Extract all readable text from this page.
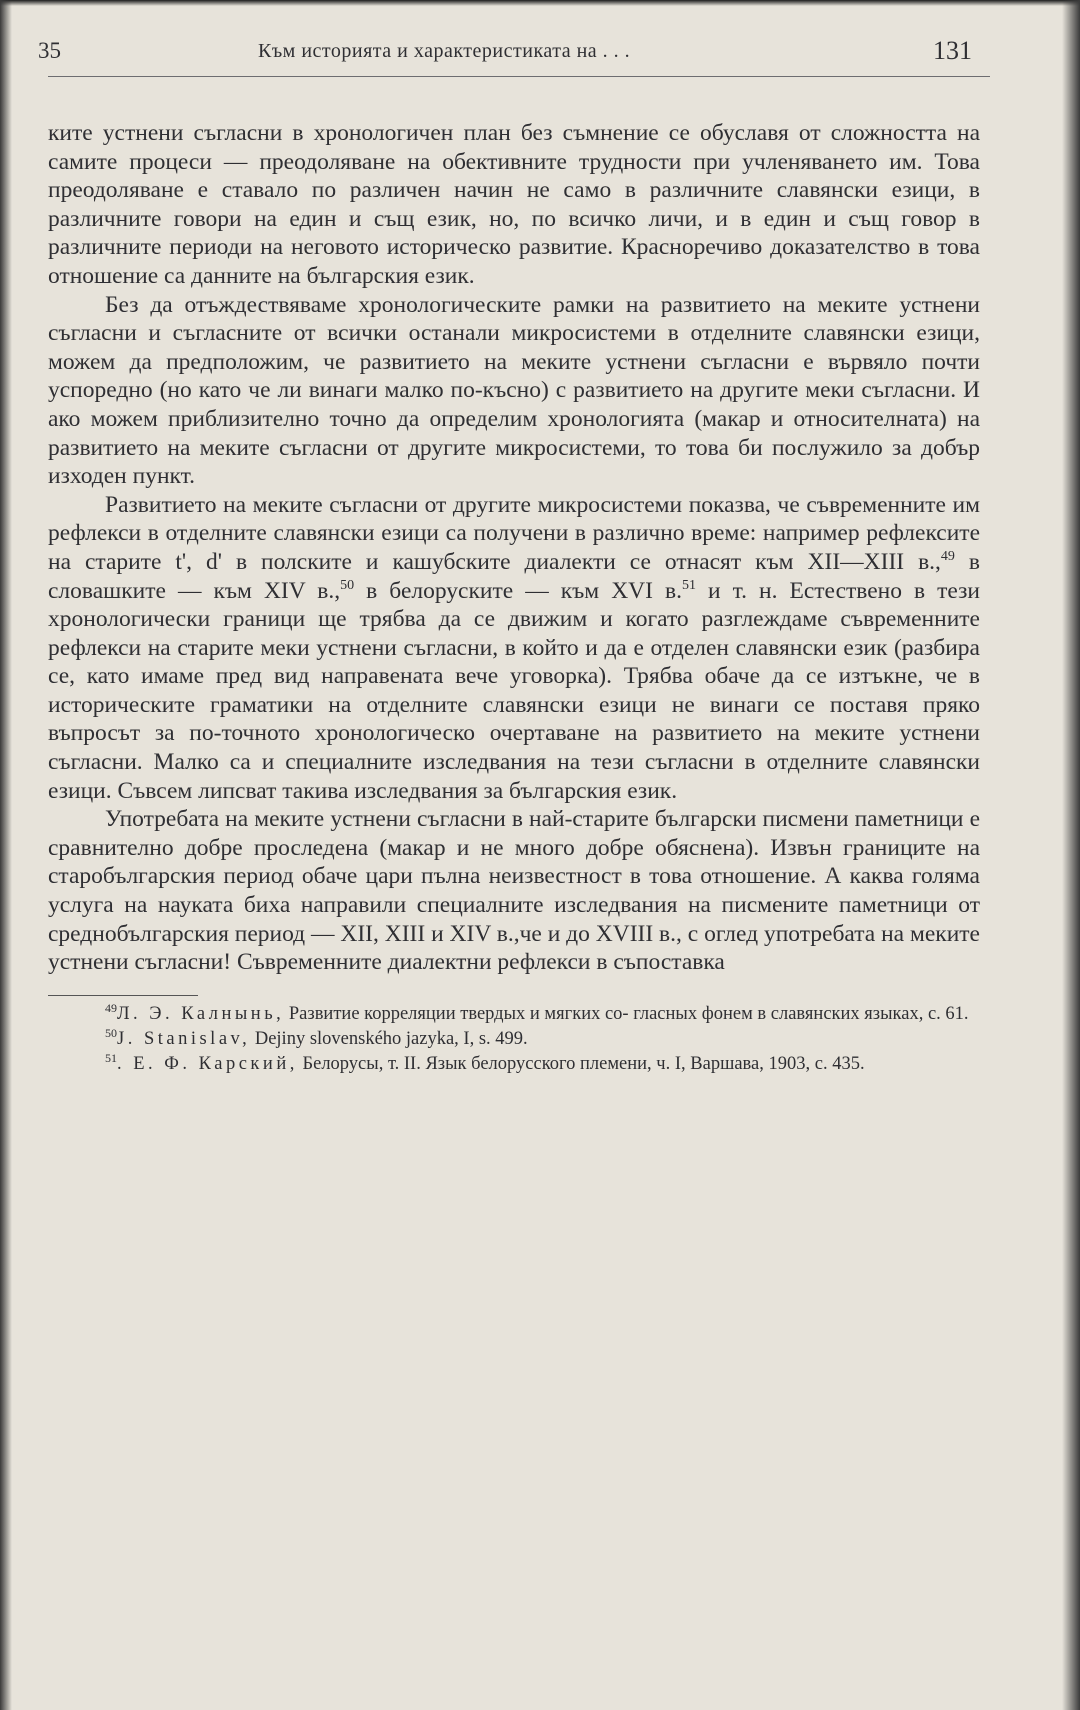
35	Към историята и характеристиката на . . .	131

ките устнени съгласни в хронологичен план без съмнение се обуславя от сложността на самите процеси — преодоляване на обективните трудности при учленяването им. Това преодоляване е ставало по различен начин не само в различните славянски езици, в различните говори на един и същ език, но, по всичко личи, и в един и същ говор в различните периоди на неговото историческо развитие. Красноречиво доказателство в това отношение са данните на българския език.

Без да отъждествяваме хронологическите рамки на развитието на меките устнени съгласни и съгласните от всички останали микросистеми в отделните славянски езици, можем да предположим, че развитието на меките устнени съгласни е вървяло почти успоредно (но като че ли винаги малко по-късно) с развитието на другите меки съгласни. И ако можем приблизително точно да определим хронологията (макар и относителната) на развитието на меките съгласни от другите микросистеми, то това би послужило за добър изходен пункт.

Развитието на меките съгласни от другите микросистеми показва, че съвременните им рефлекси в отделните славянски езици са получени в различно време: например рефлексите на старите t', d' в полските и кашубските диалекти се отнасят към XII—XIII в.,$^{49}$ в словашките — към XIV в.,$^{50}$ в белоруските — към XVI в.$^{51}$ и т. н. Естествено в тези хронологически граници ще трябва да се движим и когато разглеждаме съвременните рефлекси на старите меки устнени съгласни, в който и да е отделен славянски език (разбира се, като имаме пред вид направената вече уговорка). Трябва обаче да се изтъкне, че в историческите граматики на отделните славянски езици не винаги се поставя пряко въпросът за по-точното хронологическо очертаване на развитието на меките устнени съгласни. Малко са и специалните изследвания на тези съгласни в отделните славянски езици. Съвсем липсват такива изследвания за българския език.

Употребата на меките устнени съгласни в най-старите български писмени паметници е сравнително добре проследена (макар и не много добре обяснена). Извън границите на старобългарския период обаче цари пълна неизвестност в това отношение. А каква голяма услуга на науката биха направили специалните изследвания на писмените паметници от среднобългарския период — XII, XIII и XIV в.,че и до XVIII в., с оглед употребата на меките устнени съгласни! Съвременните диалектни рефлекси в съпоставка

$^{49}$Л. Э. Калнынь, Развитие корреляции твердых и мягких со- гласных фонем в славянских языках, с. 61.

$^{50}$J. Stanislav, Dejiny slovenského jazyka, I, s. 499.

$^{51}$. Е. Ф. Карский, Белорусы, т. II. Язык белорусского племени, ч. I, Варшава, 1903, с. 435.
